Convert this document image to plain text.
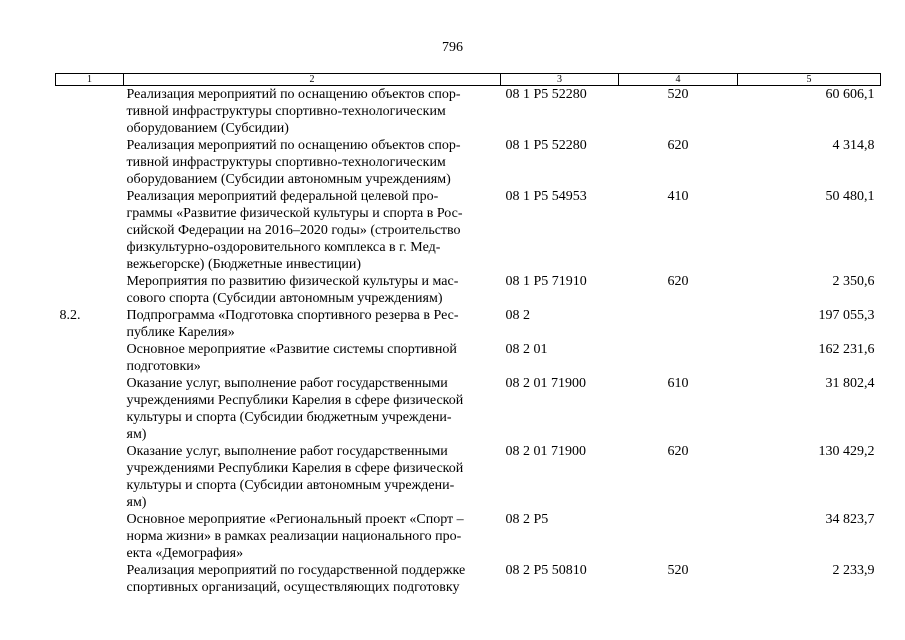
796
1	2	3	4	5
	Реализация мероприятий по оснащению объектов спор-
тивной инфраструктуры спортивно-технологическим
оборудованием (Субсидии)	08 1 P5 52280	520	60 606,1
	Реализация мероприятий по оснащению объектов спор-
тивной инфраструктуры спортивно-технологическим
оборудованием (Субсидии автономным учреждениям)	08 1 P5 52280	620	4 314,8
	Реализация мероприятий федеральной целевой про-
граммы «Развитие физической культуры и спорта в Рос-
сийской Федерации на 2016–2020 годы» (строительство
физкультурно-оздоровительного комплекса в г. Мед-
вежьегорске) (Бюджетные инвестиции)	08 1 P5 54953	410	50 480,1
	Мероприятия по развитию физической культуры и мас-
сового спорта (Субсидии автономным учреждениям)	08 1 P5 71910	620	2 350,6
8.2.	Подпрограмма «Подготовка спортивного резерва в Рес-
публике Карелия»	08 2		197 055,3
	Основное мероприятие «Развитие системы спортивной
подготовки»	08 2 01		162 231,6
	Оказание услуг, выполнение работ государственными
учреждениями Республики Карелия в сфере физической
культуры и спорта (Субсидии бюджетным учреждени-
ям)	08 2 01 71900	610	31 802,4
	Оказание услуг, выполнение работ государственными
учреждениями Республики Карелия в сфере физической
культуры и спорта (Субсидии автономным учреждени-
ям)	08 2 01 71900	620	130 429,2
	Основное мероприятие «Региональный проект «Спорт –
норма жизни» в рамках реализации национального про-
екта «Демография»	08 2 P5		34 823,7
	Реализация мероприятий по государственной поддержке
спортивных организаций, осуществляющих подготовку	08 2 P5 50810	520	2 233,9
